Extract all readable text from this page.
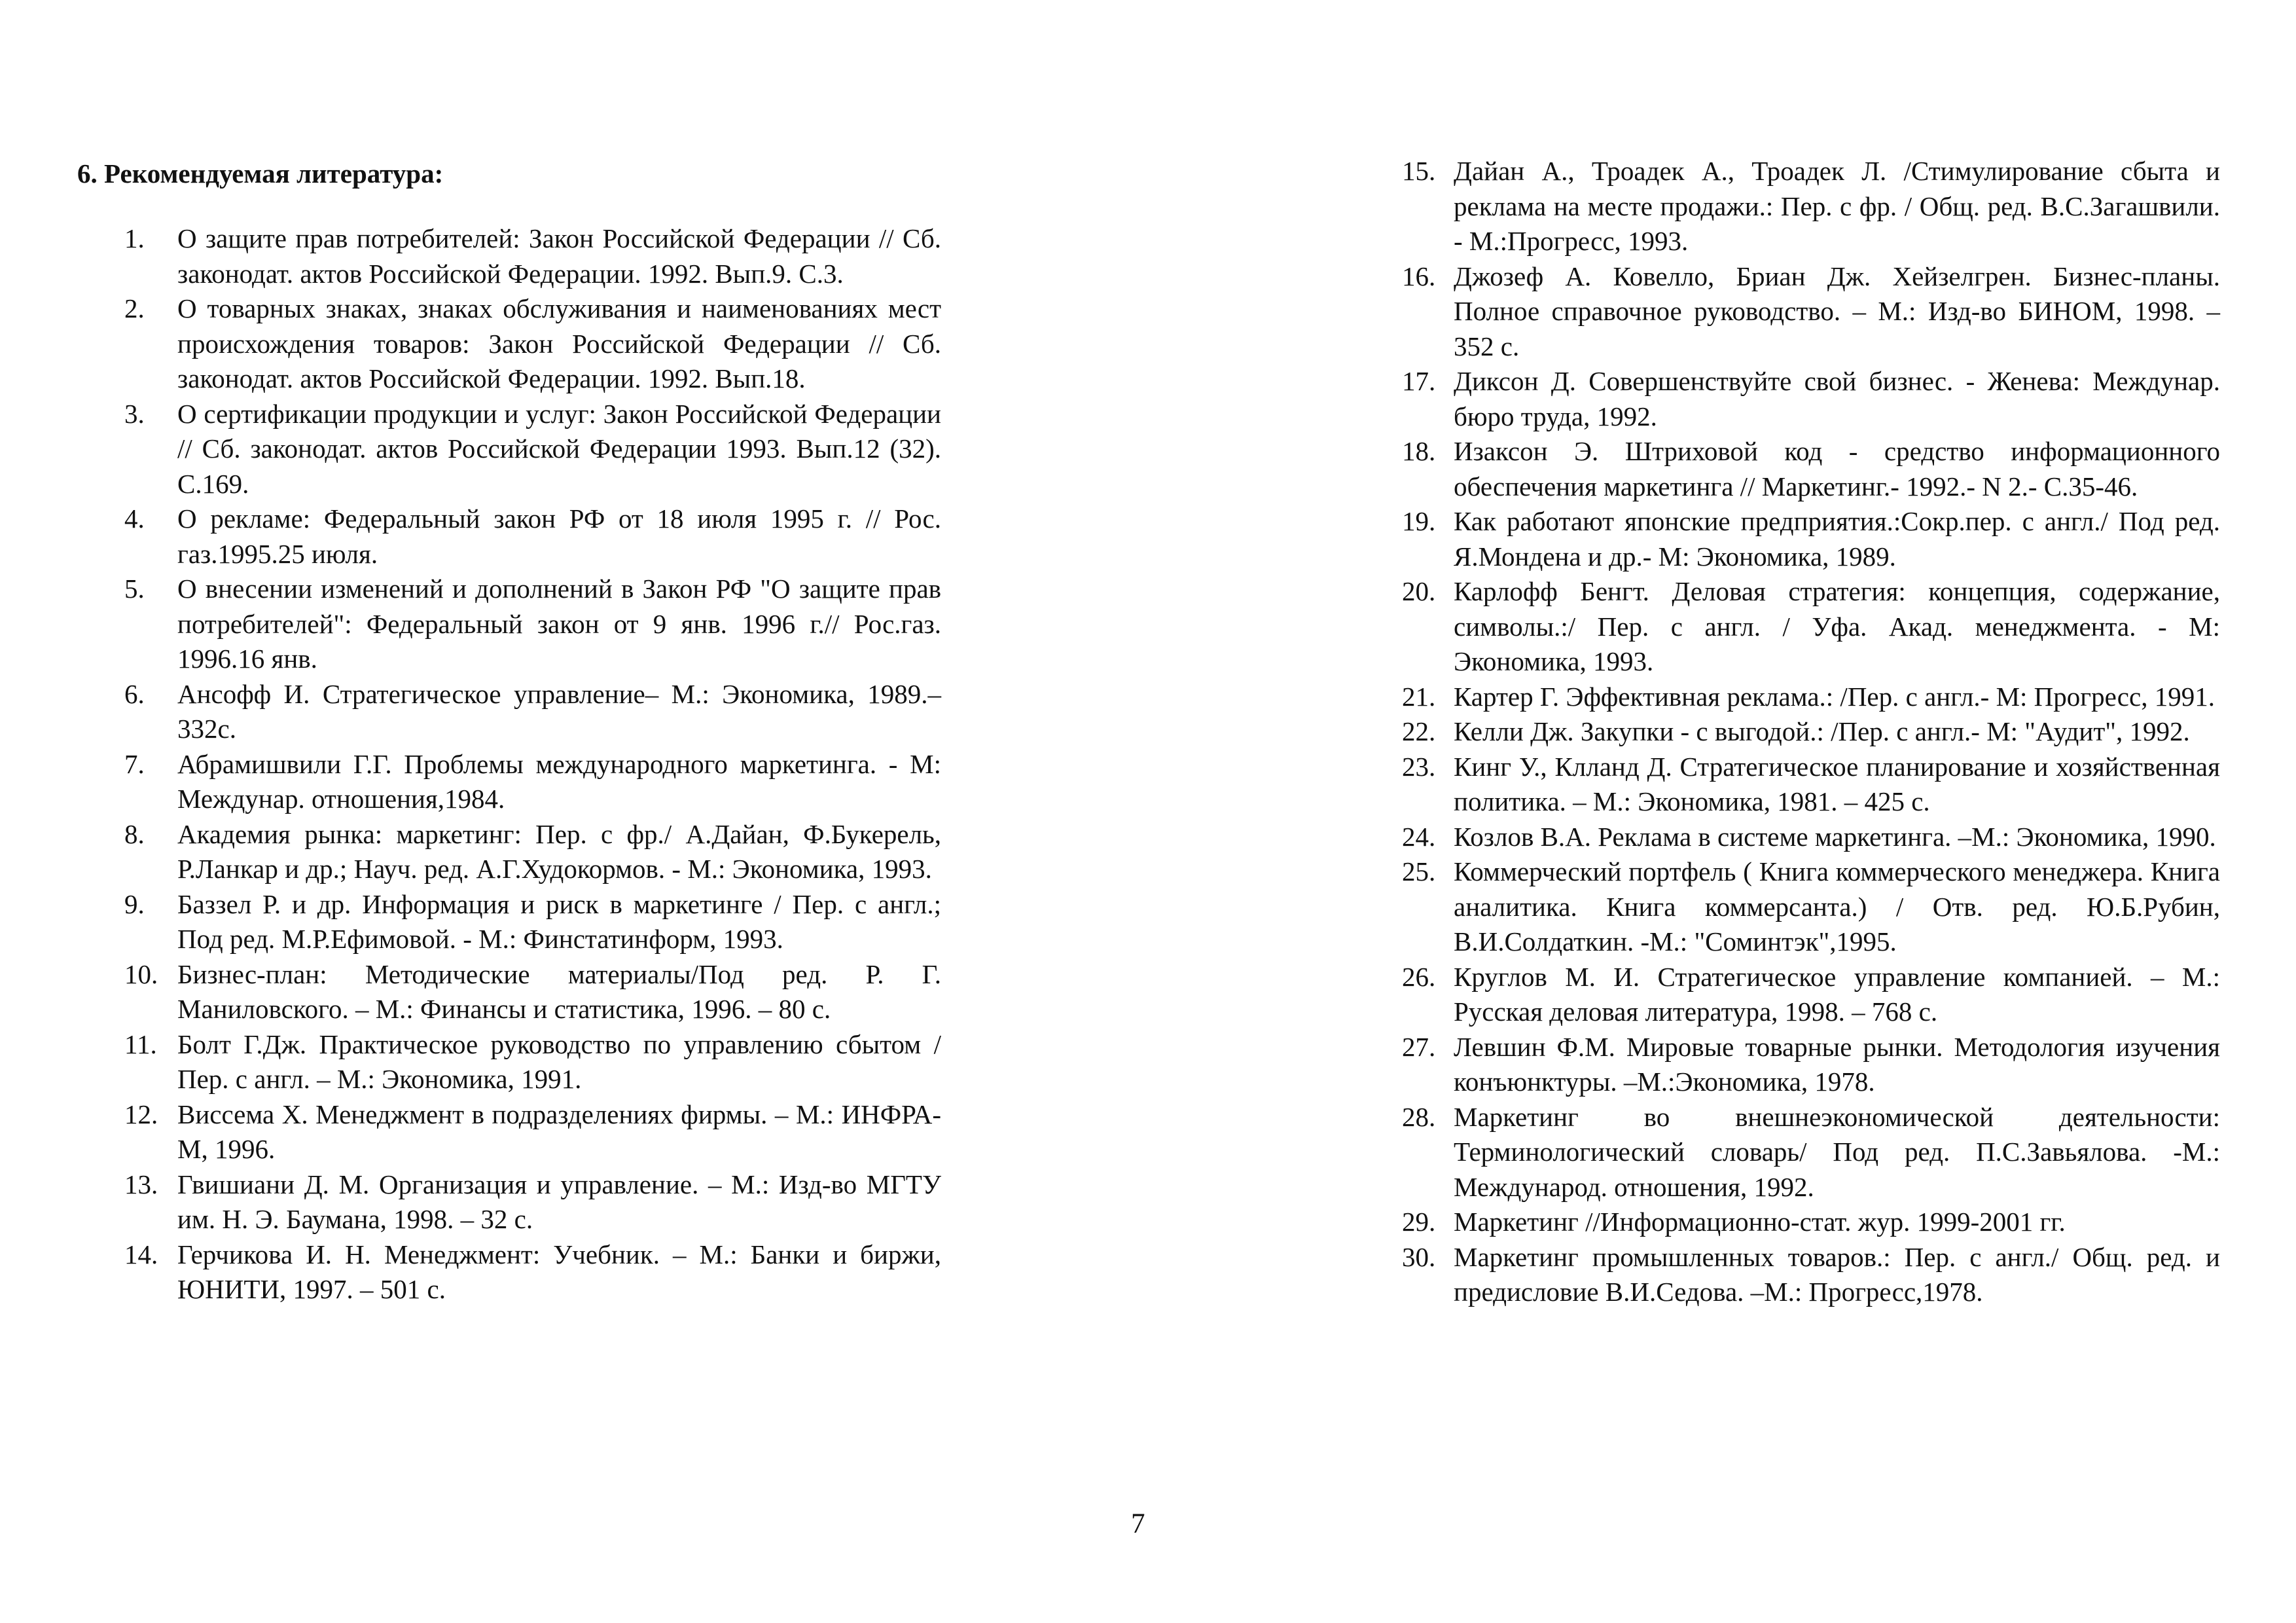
6. Рекомендуемая литература:
1. О защите прав потребителей: Закон Российской Федерации // Сб. законодат. актов Российской Федерации. 1992. Вып.9. С.3.
2. О товарных знаках, знаках обслуживания и наименованиях мест происхождения товаров: Закон Российской Федерации // Сб. законодат. актов Российской Федерации. 1992. Вып.18.
3. О сертификации продукции и услуг: Закон Российской Федерации // Сб. законодат. актов Российской Федерации 1993. Вып.12 (32). С.169.
4. О рекламе: Федеральный закон РФ от 18 июля 1995 г. // Рос. газ.1995.25 июля.
5. О внесении изменений и дополнений в Закон РФ "О защите прав потребителей": Федеральный закон от 9 янв. 1996 г.// Рос.газ. 1996.16 янв.
6. Ансофф И. Стратегическое управление– М.: Экономика, 1989.–332с.
7. Абрамишвили Г.Г. Проблемы международного маркетинга. - М: Междунар. отношения,1984.
8. Академия рынка: маркетинг: Пер. с фр./ А.Дайан, Ф.Букерель, Р.Ланкар и др.; Науч. ред. А.Г.Худокормов. - М.: Экономика, 1993.
9. Баззел Р. и др. Информация и риск в маркетинге / Пер. с англ.; Под ред. М.Р.Ефимовой. - М.: Финстатинформ, 1993.
10. Бизнес-план: Методические материалы/Под ред. Р. Г. Маниловского. – М.: Финансы и статистика, 1996. – 80 с.
11. Болт Г.Дж. Практическое руководство по управлению сбытом /Пер. с англ. – М.: Экономика, 1991.
12. Виссема Х. Менеджмент в подразделениях фирмы. – М.: ИНФРА-М, 1996.
13. Гвишиани Д. М. Организация и управление. – М.: Изд-во МГТУ им. Н. Э. Баумана, 1998. – 32 с.
14. Герчикова И. Н. Менеджмент: Учебник. – М.: Банки и биржи, ЮНИТИ, 1997. – 501 с.
15. Дайан А., Троадек А., Троадек Л. /Стимулирование сбыта и реклама на месте продажи.: Пер. с фр. / Общ. ред. В.С.Загашвили. - М.:Прогресс, 1993.
16. Джозеф А. Ковелло, Бриан Дж. Хейзелгрен. Бизнес-планы. Полное справочное руководство. – М.: Изд-во БИНОМ, 1998. – 352 с.
17. Диксон Д. Совершенствуйте свой бизнес. - Женева: Междунар. бюро труда, 1992.
18. Изаксон Э. Штриховой код - средство информационного обеспечения маркетинга // Маркетинг.- 1992.- N 2.- С.35-46.
19. Как работают японские предприятия.:Сокр.пер. с англ./ Под ред. Я.Мондена и др.- М: Экономика, 1989.
20. Карлофф Бенгт. Деловая стратегия: концепция, содержание, символы.:/ Пер. с англ. / Уфа. Акад. менеджмента. - М: Экономика, 1993.
21. Картер Г. Эффективная реклама.: /Пер. с англ.- М: Прогресс, 1991.
22. Келли Дж. Закупки - с выгодой.: /Пер. с англ.- М: "Аудит", 1992.
23. Кинг У., Клланд Д. Стратегическое планирование и хозяйственная политика. – М.: Экономика, 1981. – 425 с.
24. Козлов В.А. Реклама в системе маркетинга. –М.: Экономика, 1990.
25. Коммерческий портфель ( Книга коммерческого менеджера. Книга аналитика. Книга коммерсанта.) / Отв. ред. Ю.Б.Рубин, В.И.Солдаткин. -М.: "Соминтэк",1995.
26. Круглов М. И. Стратегическое управление компанией. – М.: Русская деловая литература, 1998. – 768 с.
27. Левшин Ф.М. Мировые товарные рынки. Методология изучения конъюнктуры. –М.:Экономика, 1978.
28. Маркетинг во внешнеэкономической деятельности: Терминологический словарь/ Под ред. П.С.Завьялова. -М.: Международ. отношения, 1992.
29. Маркетинг //Информационно-стат. жур. 1999-2001 гг.
30. Маркетинг промышленных товаров.: Пер. с англ./ Общ. ред. и предисловие В.И.Седова. –М.: Прогресс,1978.
7
